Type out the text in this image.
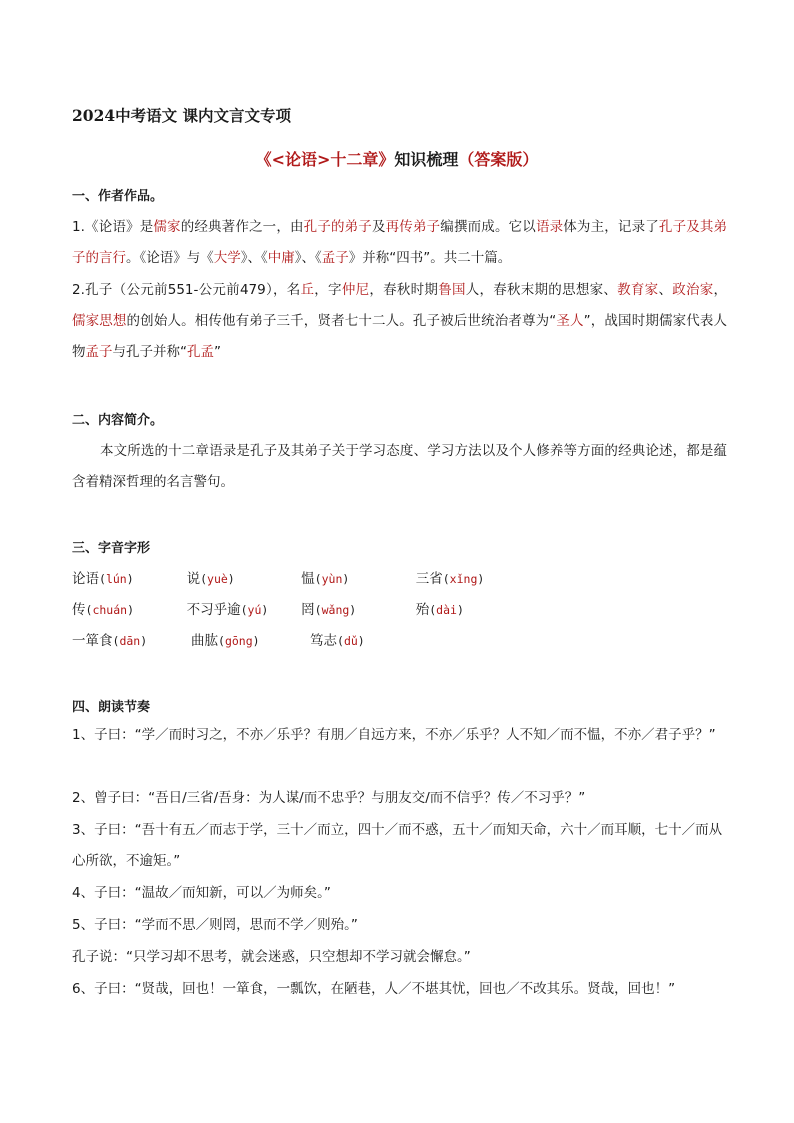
2024中考语文 课内文言文专项
《<论语>十二章》知识梳理（答案版）
一、作者作品。
1.《论语》是儒家的经典著作之一，由孔子的弟子及再传弟子编撰而成。它以语录体为主，记录了孔子及其弟子的言行。《论语》与《大学》、《中庸》、《孟子》并称“四书”。共二十篇。
2.孔子（公元前551-公元前479），名丘，字仲尼，春秋时期鲁国人，春秋末期的思想家、教育家、政治家，儒家思想的创始人。相传他有弟子三千，贤者七十二人。孔子被后世统治者尊为“圣人”，战国时期儒家代表人物孟子与孔子并称“孔孟”
二、内容简介。
本文所选的十二章语录是孔子及其弟子关于学习态度、学习方法以及个人修养等方面的经典论述，都是蕴含着精深哲理的名言警句。
三、字音字形
论语(lún)	说(yuè)	愠(yùn)	三省(xǐng)
传(chuán)	不习乎逾(yú)	罔(wǎng)	殆(dài)
一箪食(dān)	曲肱(gōng)	笃志(dǔ)
四、朗读节奏
1、子曰：“学／而时习之，不亦／乐乎？有朋／自远方来，不亦／乐乎？人不知／而不愠，不亦／君子乎？”
2、曾子曰：“吾日/三省/吾身：为人谋/而不忠乎？与朋友交/而不信乎？传／不习乎？”
3、子曰：“吾十有五／而志于学，三十／而立，四十／而不惑，五十／而知天命，六十／而耳顺，七十／而从心所欲，不逾矩。”
4、子曰：“温故／而知新，可以／为师矣。”
5、子曰：“学而不思／则罔，思而不学／则殆。”
孔子说：“只学习却不思考，就会迷惑，只空想却不学习就会懈怠。”
6、子曰：“贤哉，回也！一箪食，一瓢饮，在陋巷，人／不堪其忧，回也／不改其乐。贤哉，回也！”
